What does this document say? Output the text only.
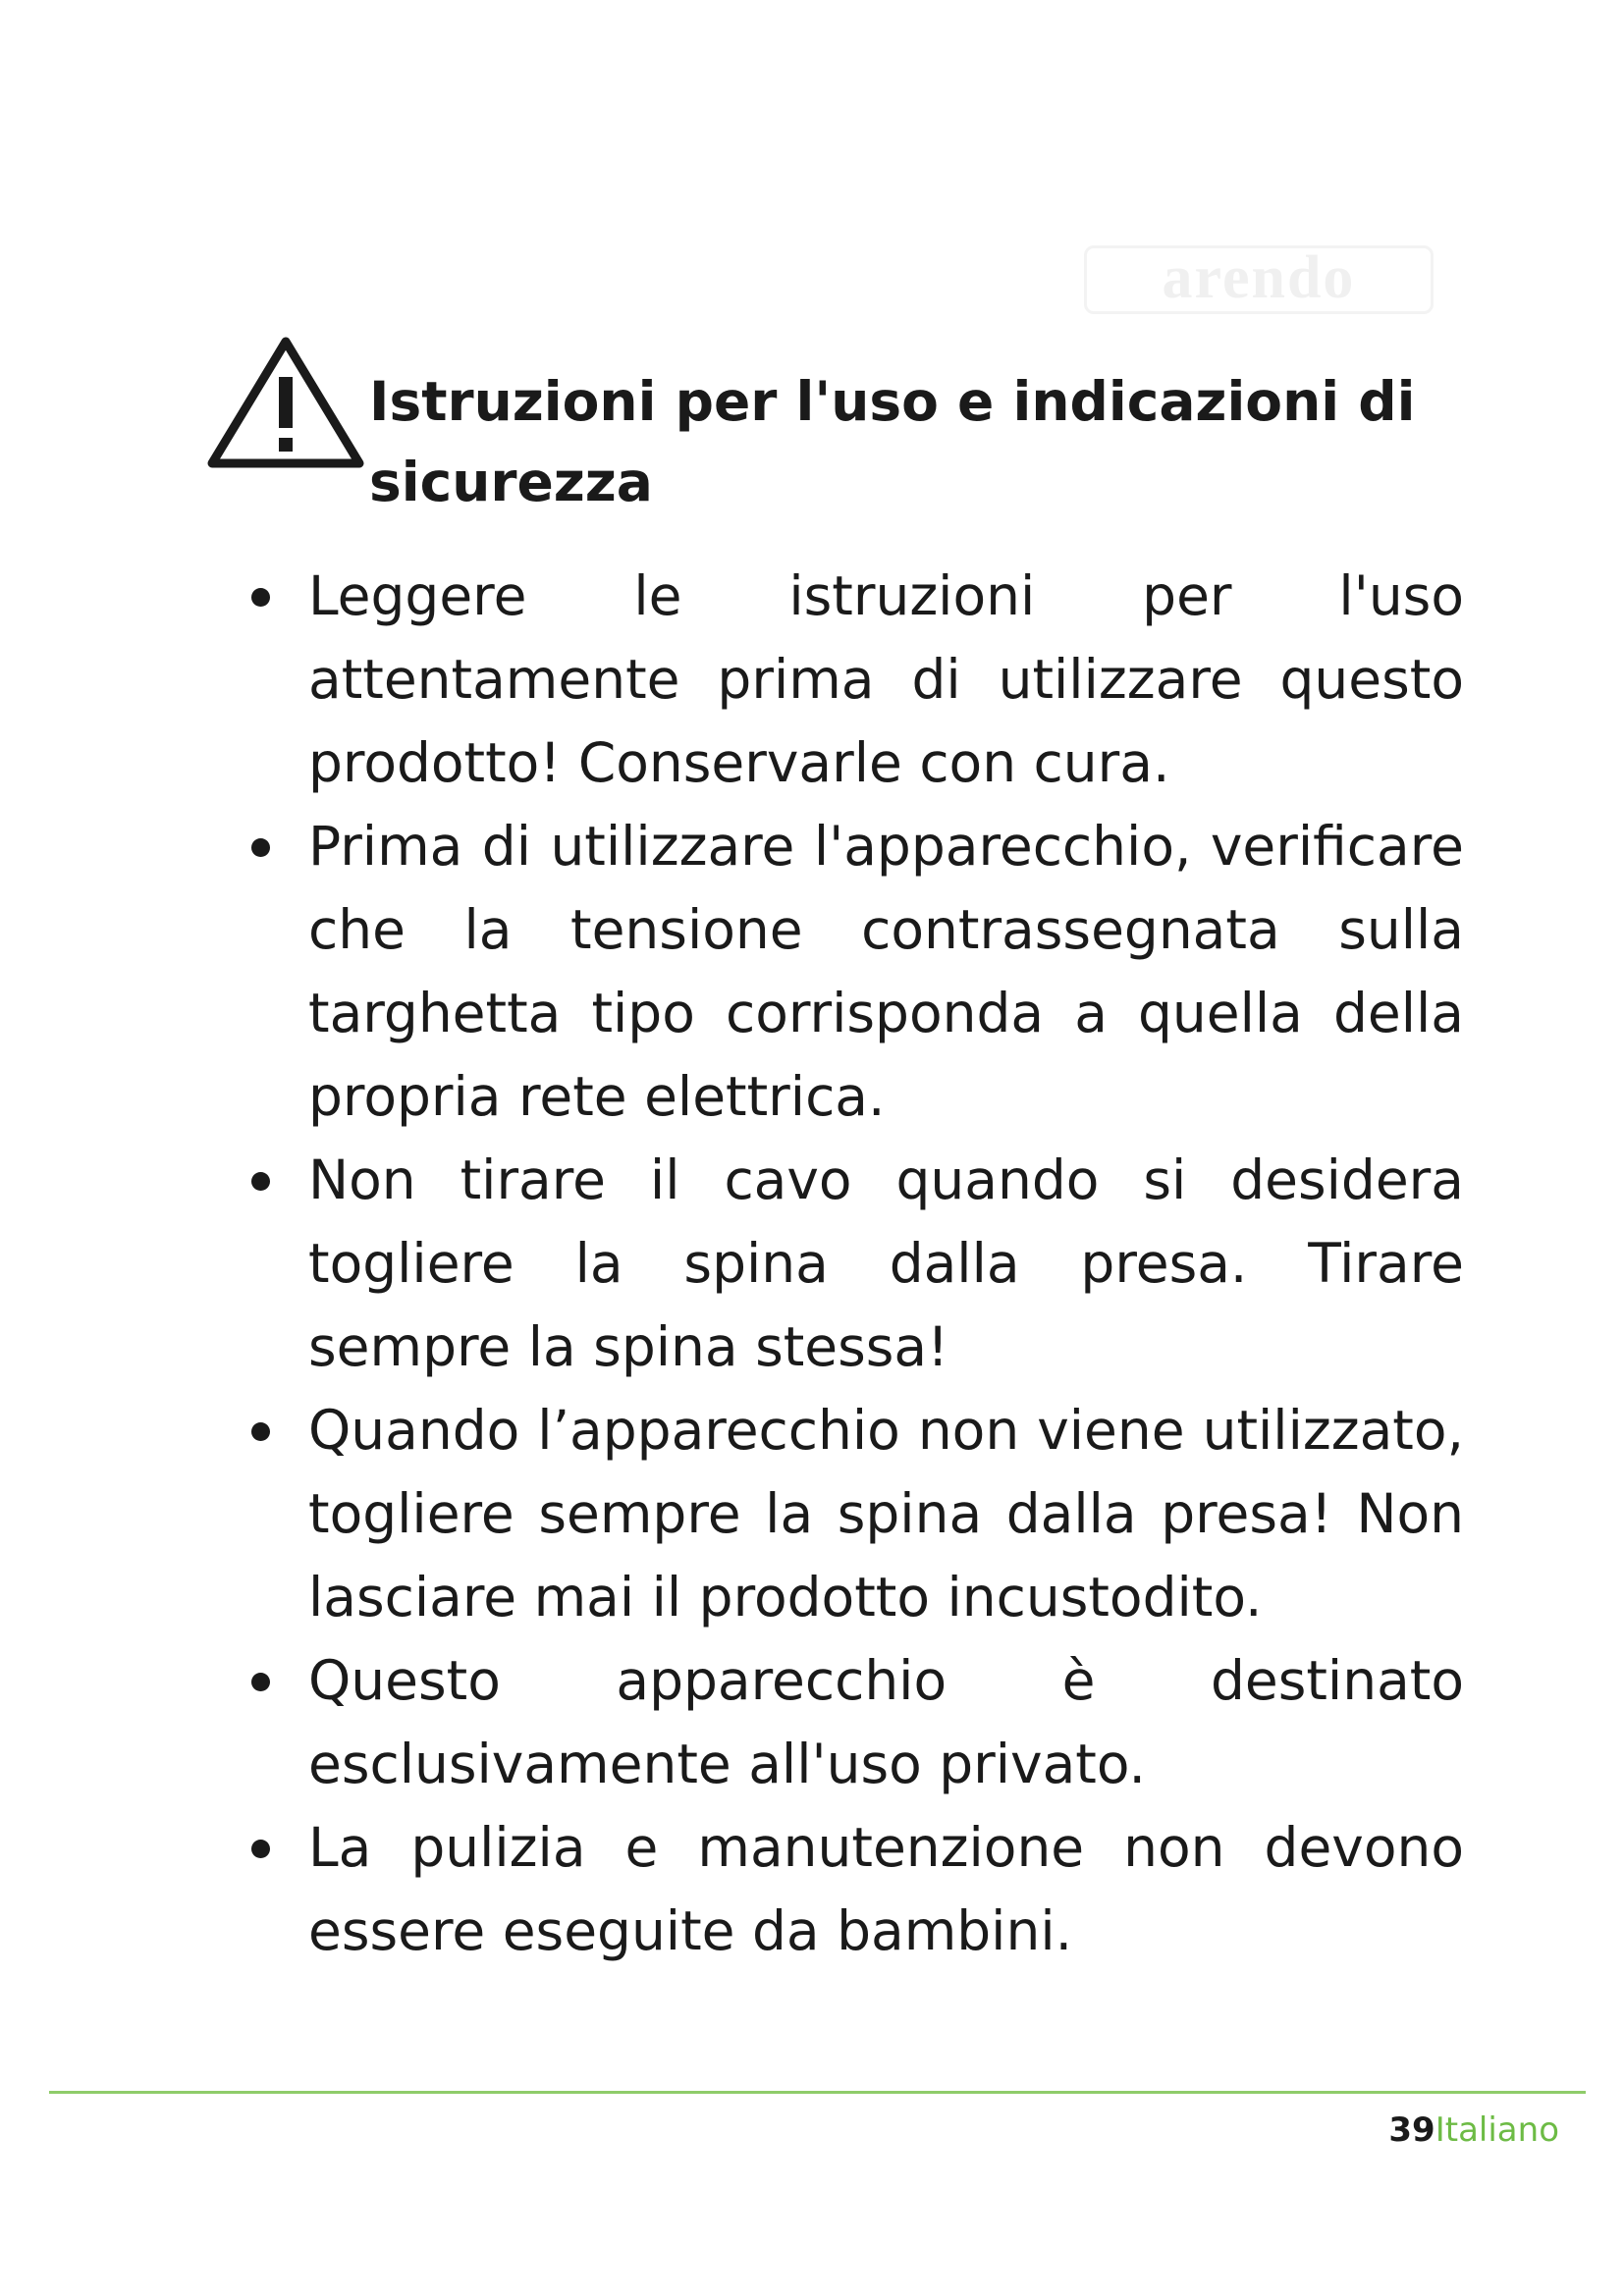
arendo
Istruzioni per l'uso e indicazioni di sicurezza
Leggere le istruzioni per l'uso attentamente prima di utilizzare questo prodotto! Conservarle con cura.
Prima di utilizzare l'apparecchio, verificare che la tensione contrassegnata sulla targhetta tipo corrisponda a quella della propria rete elettrica.
Non tirare il cavo quando si desidera togliere la spina dalla presa. Tirare sempre la spina stessa!
Quando l’apparecchio non viene utilizzato, togliere sempre la spina dalla presa! Non lasciare mai il prodotto incustodito.
Questo apparecchio è destinato esclusivamente all'uso privato.
La pulizia e manutenzione non devono essere eseguite da bambini.
39Italiano
